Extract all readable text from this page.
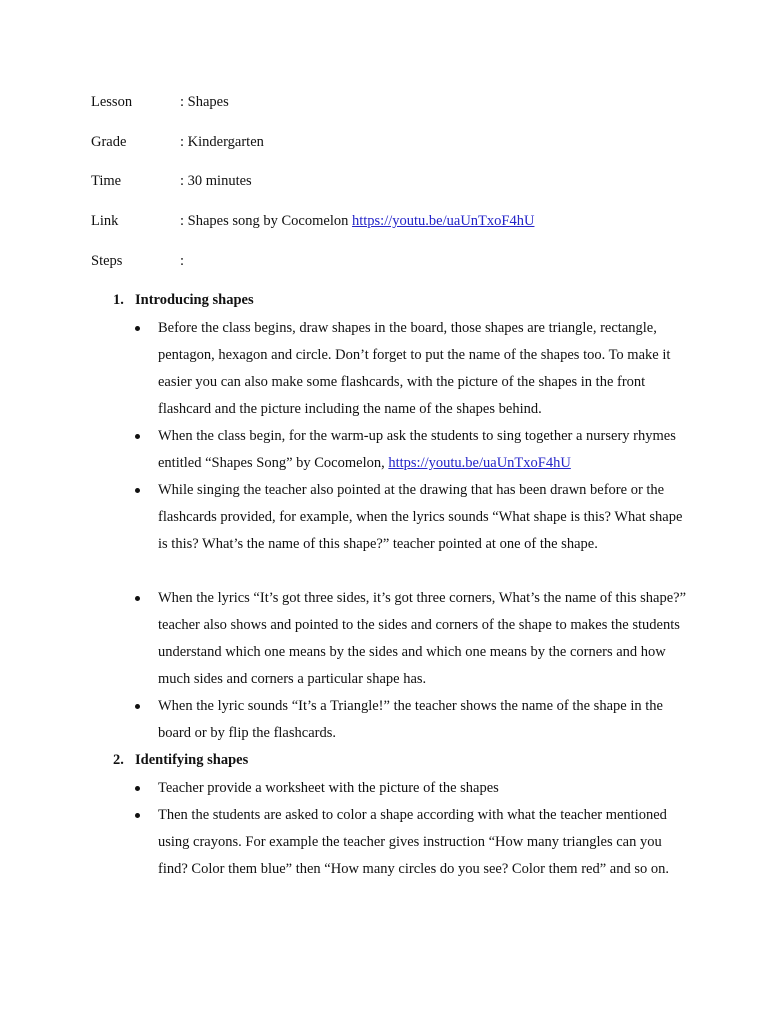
Lesson	: Shapes
Grade	: Kindergarten
Time	: 30 minutes
Link	: Shapes song by Cocomelon https://youtu.be/uaUnTxoF4hU
Steps	:
1. Introducing shapes
Before the class begins, draw shapes in the board, those shapes are triangle, rectangle, pentagon, hexagon and circle. Don’t forget to put the name of the shapes too. To make it easier you can also make some flashcards, with the picture of the shapes in the front flashcard and the picture including the name of the shapes behind.
When the class begin, for the warm-up ask the students to sing together a nursery rhymes entitled “Shapes Song” by Cocomelon, https://youtu.be/uaUnTxoF4hU
While singing the teacher also pointed at the drawing that has been drawn before or the flashcards provided, for example, when the lyrics sounds “What shape is this? What shape is this? What’s the name of this shape?” teacher pointed at one of the shape.
When the lyrics “It’s got three sides, it’s got three corners, What’s the name of this shape?” teacher also shows and pointed to the sides and corners of the shape to makes the students understand which one means by the sides and which one means by the corners and how much sides and corners a particular shape has.
When the lyric sounds “It’s a Triangle!” the teacher shows the name of the shape in the board or by flip the flashcards.
2. Identifying shapes
Teacher provide a worksheet with the picture of the shapes
Then the students are asked to color a shape according with what the teacher mentioned using crayons. For example the teacher gives instruction “How many triangles can you find? Color them blue” then “How many circles do you see? Color them red” and so on.
